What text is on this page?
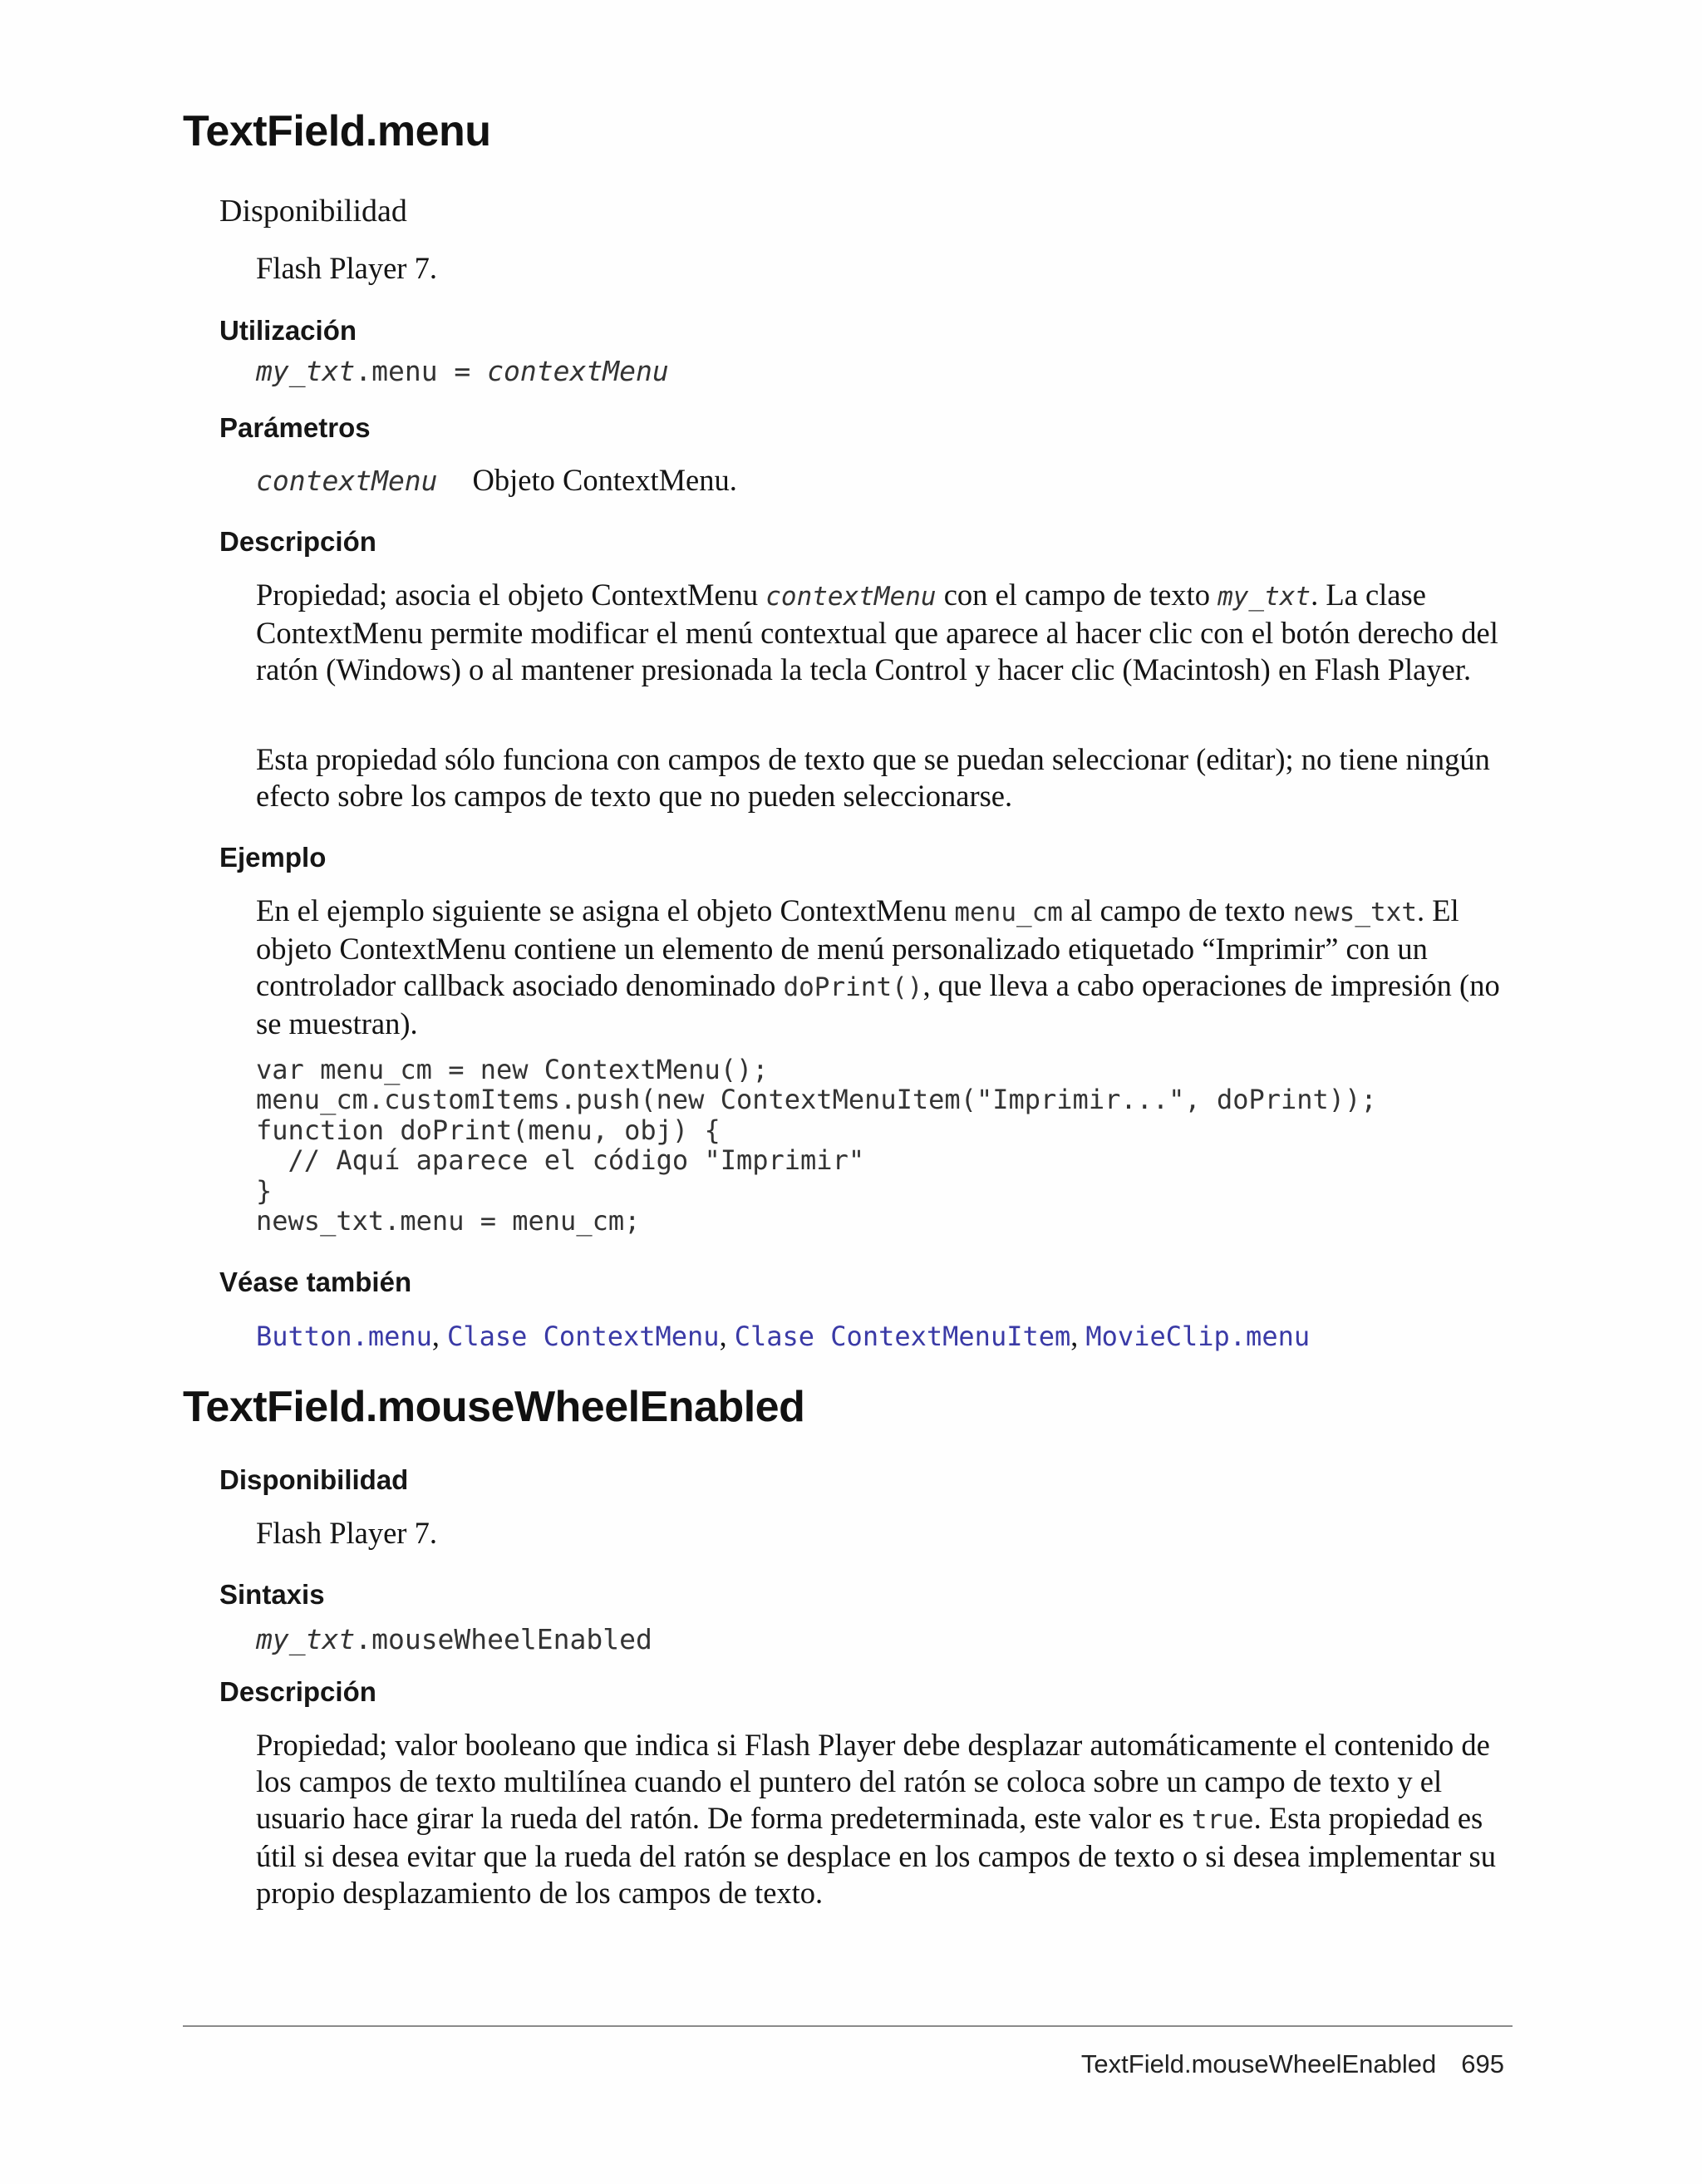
TextField.menu
Disponibilidad
Flash Player 7.
Utilización
my_txt.menu = contextMenu
Parámetros
contextMenu Objeto ContextMenu.
Descripción
Propiedad; asocia el objeto ContextMenu contextMenu con el campo de texto my_txt. La clase ContextMenu permite modificar el menú contextual que aparece al hacer clic con el botón derecho del ratón (Windows) o al mantener presionada la tecla Control y hacer clic (Macintosh) en Flash Player.
Esta propiedad sólo funciona con campos de texto que se puedan seleccionar (editar); no tiene ningún efecto sobre los campos de texto que no pueden seleccionarse.
Ejemplo
En el ejemplo siguiente se asigna el objeto ContextMenu menu_cm al campo de texto news_txt. El objeto ContextMenu contiene un elemento de menú personalizado etiquetado “Imprimir” con un controlador callback asociado denominado doPrint(), que lleva a cabo operaciones de impresión (no se muestran).
var menu_cm = new ContextMenu();
menu_cm.customItems.push(new ContextMenuItem("Imprimir...", doPrint));
function doPrint(menu, obj) {
// Aquí aparece el código "Imprimir"
}
news_txt.menu = menu_cm;
Véase también
Button.menu, Clase ContextMenu, Clase ContextMenuItem, MovieClip.menu
TextField.mouseWheelEnabled
Disponibilidad
Flash Player 7.
Sintaxis
my_txt.mouseWheelEnabled
Descripción
Propiedad; valor booleano que indica si Flash Player debe desplazar automáticamente el contenido de los campos de texto multilínea cuando el puntero del ratón se coloca sobre un campo de texto y el usuario hace girar la rueda del ratón. De forma predeterminada, este valor es true. Esta propiedad es útil si desea evitar que la rueda del ratón se desplace en los campos de texto o si desea implementar su propio desplazamiento de los campos de texto.
TextField.mouseWheelEnabled 695
